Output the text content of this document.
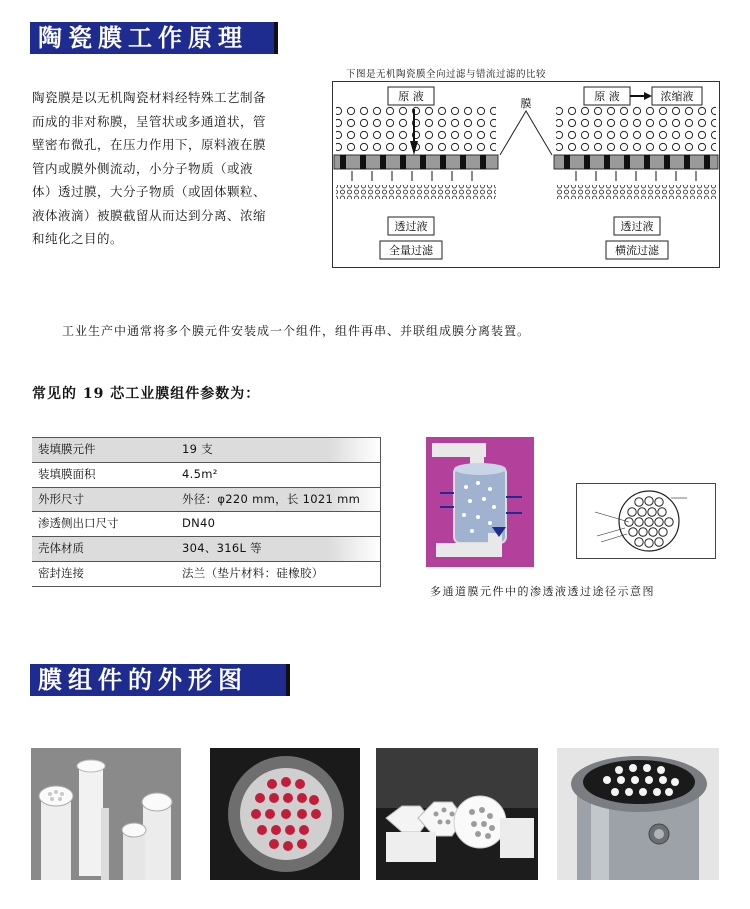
陶瓷膜工作原理

陶瓷膜是以无机陶瓷材料经特殊工艺制备而成的非对称膜，呈管状或多通道状，管壁密布微孔，在压力作用下，原料液在膜管内或膜外侧流动，小分子物质（或液体）透过膜，大分子物质（或固体颗粒、液体液滴）被膜截留从而达到分离、浓缩和纯化之目的。

下图是无机陶瓷膜全向过滤与错流过滤的比较
原 液
膜
透过液
全量过滤
原 液	浓缩液
透过液
横流过滤
工业生产中通常将多个膜元件安装成一个组件，组件再串、并联组成膜分离装置。
常见的 19 芯工业膜组件参数为：
装填膜元件	19 支
装填膜面积	4.5m²
外形尺寸	外径：φ220 mm，长 1021 mm
渗透侧出口尺寸	DN40
壳体材质	304、316L 等
密封连接	法兰（垫片材料：硅橡胶）
多通道膜元件中的渗透液透过途径示意图
膜组件的外形图
